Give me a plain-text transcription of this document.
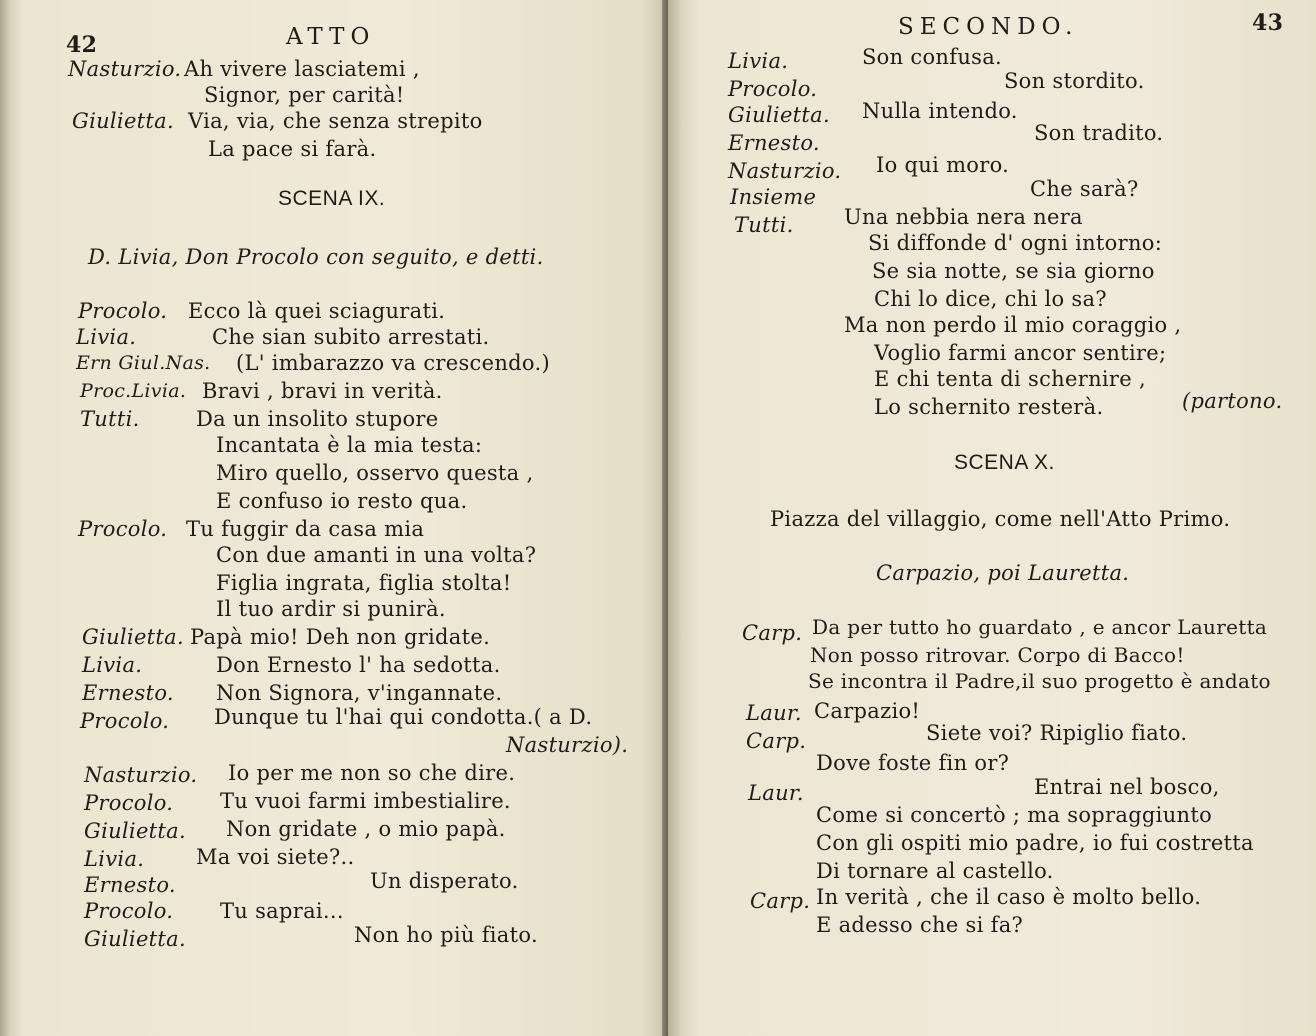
42	ATTO
Nasturzio. Ah vivere lasciatemi ,
Signor, per carità!
Giulietta. Via, via, che senza strepito
La pace si farà.
SCENA IX.
D. Livia, Don Procolo con seguito, e detti.
Procolo. Ecco là quei sciagurati.
Livia.	Che sian subito arrestati.
Ern Giul.Nas. (L' imbarazzo va crescendo.)
Proc.Livia. Bravi , bravi in verità.
Tutti.	Da un insolito stupore
Incantata è la mia testa:
Miro quello, osservo questa ,
E confuso io resto qua.
Procolo. Tu fuggir da casa mia
Con due amanti in una volta?
Figlia ingrata, figlia stolta!
Il tuo ardir si punirà.
Giulietta. Papà mio! Deh non gridate.
Livia.	Don Ernesto l' ha sedotta.
Ernesto. Non Signora, v'ingannate.
Procolo. Dunque tu l'hai qui condotta.( a D.
Nasturzio).
Nasturzio. Io per me non so che dire.
Procolo. Tu vuoi farmi imbestialire.
Giulietta. Non gridate , o mio papà.
Livia. Ma voi siete?..
Ernesto.	Un disperato.
Procolo. Tu saprai...
Giulietta.	Non ho più fiato.
SECONDO.	43
Livia.	Son confusa.
Procolo.	Son stordito.
Giulietta. Nulla intendo.
Ernesto.	Son tradito.
Nasturzio. Io qui moro.
Insieme	Che sarà?
Tutti. Una nebbia nera nera
Si diffonde d' ogni intorno:
Se sia notte, se sia giorno
Chi lo dice, chi lo sa?
Ma non perdo il mio coraggio ,
Voglio farmi ancor sentire;
E chi tenta di schernire ,
Lo schernito resterà.	(partono.
SCENA X.
Piazza del villaggio, come nell'Atto Primo.
Carpazio, poi Lauretta.
Carp. Da per tutto ho guardato , e ancor Lauretta
Non posso ritrovar. Corpo di Bacco!
Se incontra il Padre,il suo progetto è andato
Laur. Carpazio!
Carp.	Siete voi? Ripiglio fiato.
Dove foste fin or?
Laur.	Entrai nel bosco,
Come si concertò ; ma sopraggiunto
Con gli ospiti mio padre, io fui costretta
Di tornare al castello.
Carp. In verità , che il caso è molto bello.
E adesso che si fa?
